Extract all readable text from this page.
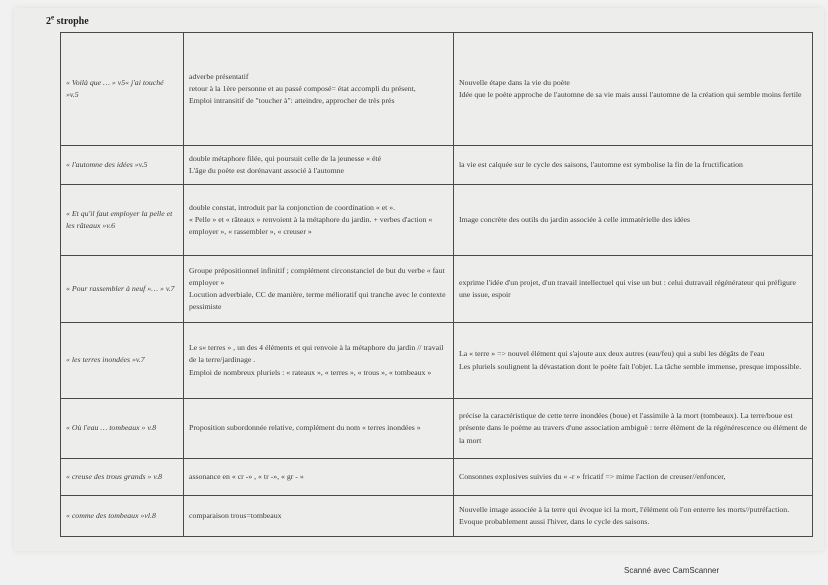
2e strophe
« Voilà que … » v5« j'ai touché »v.5	adverbe présentatif
retour à la 1ère personne et au passé composé= état accompli du présent,
Emploi intransitif de "toucher à": atteindre, approcher de très près	Nouvelle étape dans la vie du poète
Idée que le poète approche de l'automne de sa vie mais aussi l'automne de la création qui semble moins fertile

« l'automne des idées »v.5	double métaphore filée, qui poursuit celle de la jeunesse « été
L'âge du poète est dorénavant associé à l'automne	la vie est calquée sur le cycle des saisons, l'automne est symbolise la fin de la fructification

« Et qu'il faut employer la pelle et les râteaux »v.6	double constat, introduit par la conjonction de coordination « et ».
« Pelle » et « râteaux » renvoient à la métaphore du jardin. + verbes d'action « employer », « rassembler », « creuser »	Image concrète des outils du jardin associée à celle immatérielle des idées

« Pour rassembler à neuf »… » v.7	Groupe prépositionnel infinitif ; complément circonstanciel de but du verbe « faut employer »
Locution adverbiale, CC de manière, terme mélioratif qui tranche avec le contexte pessimiste	exprime l'idée d'un projet, d'un travail intellectuel qui vise un but : celui dutravail régénérateur qui préfigure une issue, espoir

« les terres inondées »v.7	Le s« terres » , un des 4 éléments et qui renvoie à la métaphore du jardin // travail de la terre/jardinage .
Emploi de nombreux pluriels : « rateaux », « terres », « trous », « tombeaux »	La « terre » => nouvel élément qui s'ajoute aux deux autres (eau/feu) qui a subi les dégâts de l'eau
Les pluriels soulignent la dévastation dont le poète fait l'objet. La tâche semble immense, presque impossible.

« Où l'eau … tombeaux » v.8	Proposition subordonnée relative, complément du nom « terres inondées »	précise la caractéristique de cette terre inondées (boue) et l'assimile à la mort (tombeaux). La terre/boue est présente dans le poème au travers d'une association ambiguë : terre élément de la régénérescence ou élément de la mort

« creuse des trous grands » v.8	assonance en « cr -» , « tr -», « gr - »	Consonnes explosives suivies du « -r » fricatif => mime l'action de creuser//enfoncer,

« comme des tombeaux »vl.8	comparaison trous=tombeaux	Nouvelle image associée à la terre qui évoque ici la mort, l'élément où l'on enterre les morts//putréfaction. Evoque probablement aussi l'hiver, dans le cycle des saisons.
Scanné avec CamScanner
